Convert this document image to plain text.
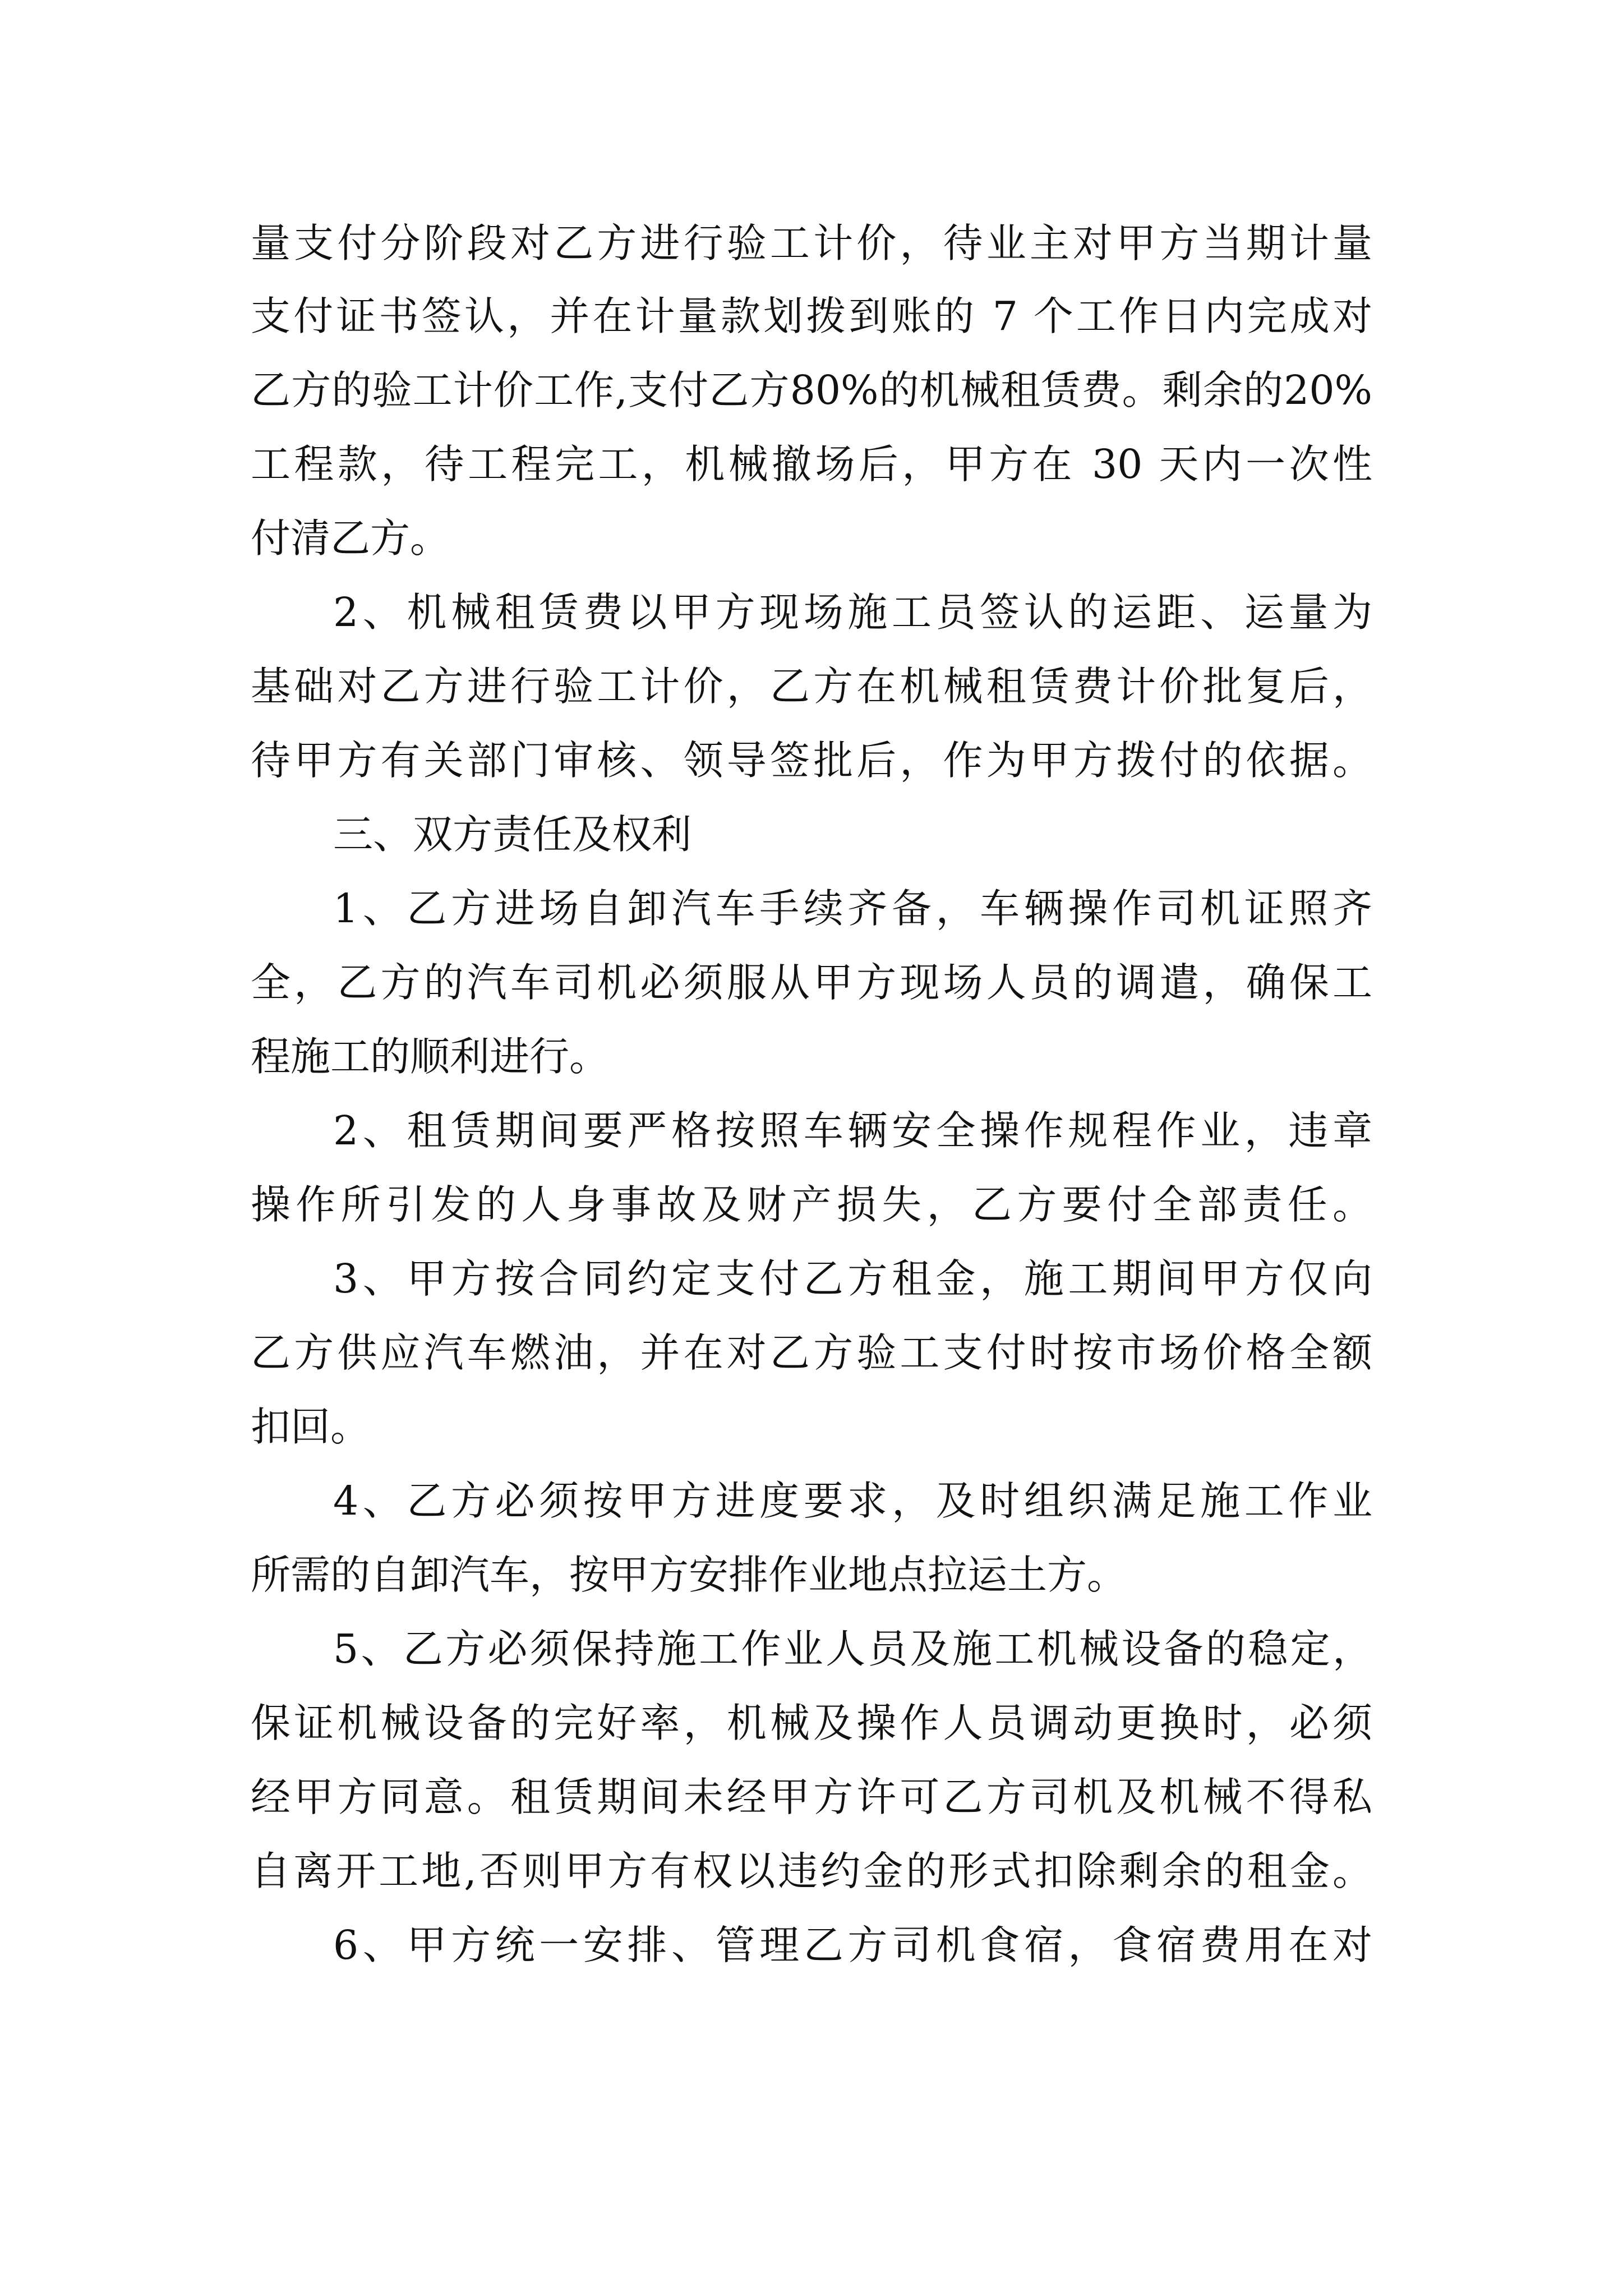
量支付分阶段对乙方进行验工计价，待业主对甲方当期计量

支付证书签认，并在计量款划拨到账的 7 个工作日内完成对

乙方的验工计价工作,支付乙方80%的机械租赁费。剩余的20%

工程款，待工程完工，机械撤场后，甲方在 30 天内一次性

付清乙方。

2、机械租赁费以甲方现场施工员签认的运距、运量为

基础对乙方进行验工计价，乙方在机械租赁费计价批复后，

待甲方有关部门审核、领导签批后，作为甲方拨付的依据。

三、双方责任及权利

1、乙方进场自卸汽车手续齐备，车辆操作司机证照齐

全，乙方的汽车司机必须服从甲方现场人员的调遣，确保工

程施工的顺利进行。

2、租赁期间要严格按照车辆安全操作规程作业，违章

操作所引发的人身事故及财产损失，乙方要付全部责任。

3、甲方按合同约定支付乙方租金，施工期间甲方仅向

乙方供应汽车燃油，并在对乙方验工支付时按市场价格全额

扣回。

4、乙方必须按甲方进度要求，及时组织满足施工作业

所需的自卸汽车，按甲方安排作业地点拉运土方。

5、乙方必须保持施工作业人员及施工机械设备的稳定，

保证机械设备的完好率，机械及操作人员调动更换时，必须

经甲方同意。租赁期间未经甲方许可乙方司机及机械不得私

自离开工地,否则甲方有权以违约金的形式扣除剩余的租金。

6、甲方统一安排、管理乙方司机食宿，食宿费用在对
